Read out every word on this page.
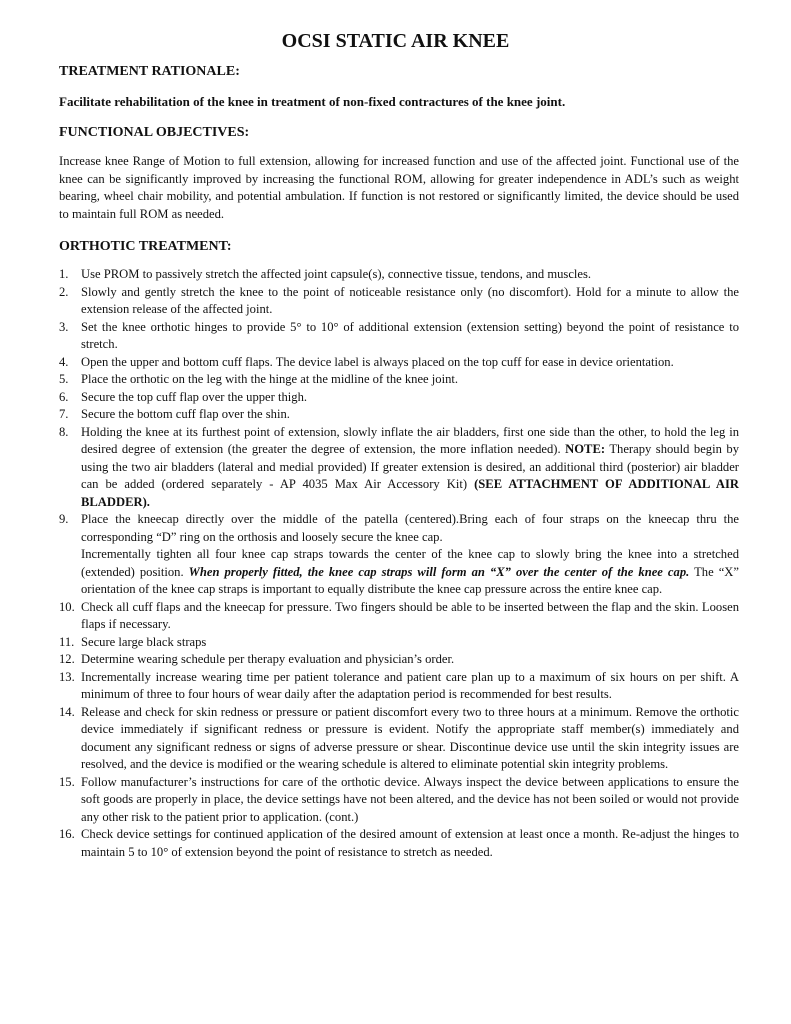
OCSI STATIC AIR KNEE
TREATMENT RATIONALE:
Facilitate rehabilitation of the knee in treatment of non-fixed contractures of the knee joint.
FUNCTIONAL OBJECTIVES:
Increase knee Range of Motion to full extension, allowing for increased function and use of the affected joint. Functional use of the knee can be significantly improved by increasing the functional ROM, allowing for greater independence in ADL’s such as weight bearing, wheel chair mobility, and potential ambulation. If function is not restored or significantly limited, the device should be used to maintain full ROM as needed.
ORTHOTIC TREATMENT:
1. Use PROM to passively stretch the affected joint capsule(s), connective tissue, tendons, and muscles.
2. Slowly and gently stretch the knee to the point of noticeable resistance only (no discomfort). Hold for a minute to allow the extension release of the affected joint.
3. Set the knee orthotic hinges to provide 5° to 10° of additional extension (extension setting) beyond the point of resistance to stretch.
4. Open the upper and bottom cuff flaps. The device label is always placed on the top cuff for ease in device orientation.
5. Place the orthotic on the leg with the hinge at the midline of the knee joint.
6. Secure the top cuff flap over the upper thigh.
7. Secure the bottom cuff flap over the shin.
8. Holding the knee at its furthest point of extension, slowly inflate the air bladders, first one side than the other, to hold the leg in desired degree of extension (the greater the degree of extension, the more inflation needed). NOTE: Therapy should begin by using the two air bladders (lateral and medial provided) If greater extension is desired, an additional third (posterior) air bladder can be added (ordered separately - AP 4035 Max Air Accessory Kit) (SEE ATTACHMENT OF ADDITIONAL AIR BLADDER).
9. Place the kneecap directly over the middle of the patella (centered).Bring each of four straps on the kneecap thru the corresponding “D” ring on the orthosis and loosely secure the knee cap.
Incrementally tighten all four knee cap straps towards the center of the knee cap to slowly bring the knee into a stretched (extended) position. When properly fitted, the knee cap straps will form an “X” over the center of the knee cap. The “X” orientation of the knee cap straps is important to equally distribute the knee cap pressure across the entire knee cap.
10. Check all cuff flaps and the kneecap for pressure. Two fingers should be able to be inserted between the flap and the skin. Loosen flaps if necessary.
11. Secure large black straps
12. Determine wearing schedule per therapy evaluation and physician’s order.
13. Incrementally increase wearing time per patient tolerance and patient care plan up to a maximum of six hours on per shift. A minimum of three to four hours of wear daily after the adaptation period is recommended for best results.
14. Release and check for skin redness or pressure or patient discomfort every two to three hours at a minimum. Remove the orthotic device immediately if significant redness or pressure is evident. Notify the appropriate staff member(s) immediately and document any significant redness or signs of adverse pressure or shear. Discontinue device use until the skin integrity issues are resolved, and the device is modified or the wearing schedule is altered to eliminate potential skin integrity problems.
15. Follow manufacturer’s instructions for care of the orthotic device. Always inspect the device between applications to ensure the soft goods are properly in place, the device settings have not been altered, and the device has not been soiled or would not provide any other risk to the patient prior to application. (cont.)
16. Check device settings for continued application of the desired amount of extension at least once a month. Re-adjust the hinges to maintain 5 to 10° of extension beyond the point of resistance to stretch as needed.
